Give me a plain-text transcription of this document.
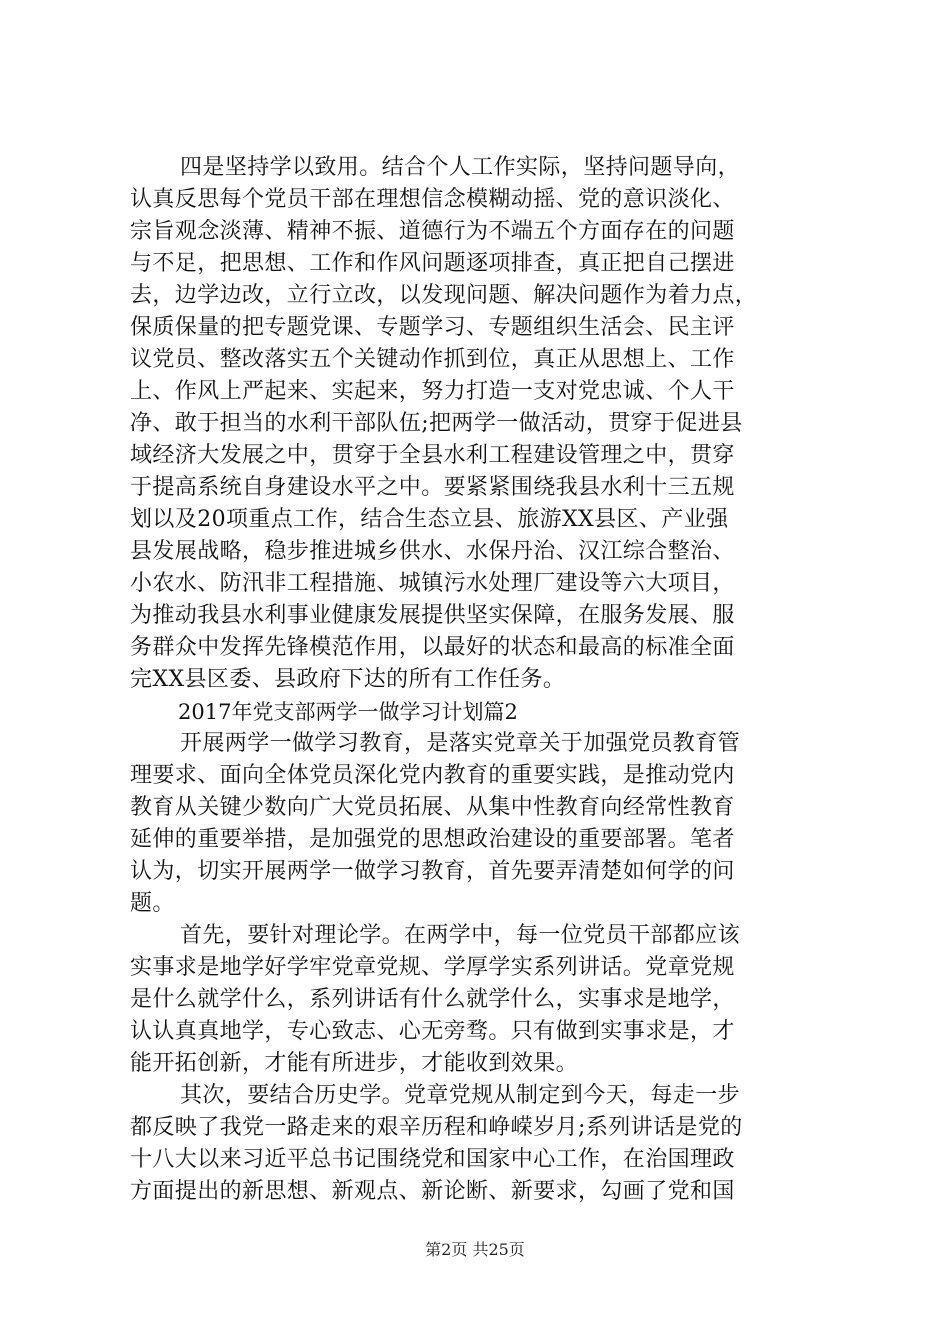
四是坚持学以致用。结合个人工作实际，坚持问题导向，
认真反思每个党员干部在理想信念模糊动摇、党的意识淡化、
宗旨观念淡薄、精神不振、道德行为不端五个方面存在的问题
与不足，把思想、工作和作风问题逐项排查，真正把自己摆进
去，边学边改，立行立改，以发现问题、解决问题作为着力点，
保质保量的把专题党课、专题学习、专题组织生活会、民主评
议党员、整改落实五个关键动作抓到位，真正从思想上、工作
上、作风上严起来、实起来，努力打造一支对党忠诚、个人干
净、敢于担当的水利干部队伍;把两学一做活动，贯穿于促进县
域经济大发展之中，贯穿于全县水利工程建设管理之中，贯穿
于提高系统自身建设水平之中。要紧紧围绕我县水利十三五规
划以及20项重点工作，结合生态立县、旅游XX县区、产业强
县发展战略，稳步推进城乡供水、水保丹治、汉江综合整治、
小农水、防汛非工程措施、城镇污水处理厂建设等六大项目，
为推动我县水利事业健康发展提供坚实保障，在服务发展、服
务群众中发挥先锋模范作用，以最好的状态和最高的标准全面
完XX县区委、县政府下达的所有工作任务。

2017年党支部两学一做学习计划篇2

开展两学一做学习教育，是落实党章关于加强党员教育管
理要求、面向全体党员深化党内教育的重要实践，是推动党内
教育从关键少数向广大党员拓展、从集中性教育向经常性教育
延伸的重要举措，是加强党的思想政治建设的重要部署。笔者
认为，切实开展两学一做学习教育，首先要弄清楚如何学的问
题。

首先，要针对理论学。在两学中，每一位党员干部都应该
实事求是地学好学牢党章党规、学厚学实系列讲话。党章党规
是什么就学什么，系列讲话有什么就学什么，实事求是地学，
认认真真地学，专心致志、心无旁骛。只有做到实事求是，才
能开拓创新，才能有所进步，才能收到效果。

其次，要结合历史学。党章党规从制定到今天，每走一步
都反映了我党一路走来的艰辛历程和峥嵘岁月;系列讲话是党的
十八大以来习近平总书记围绕党和国家中心工作，在治国理政
方面提出的新思想、新观点、新论断、新要求，勾画了党和国

第2页 共25页
